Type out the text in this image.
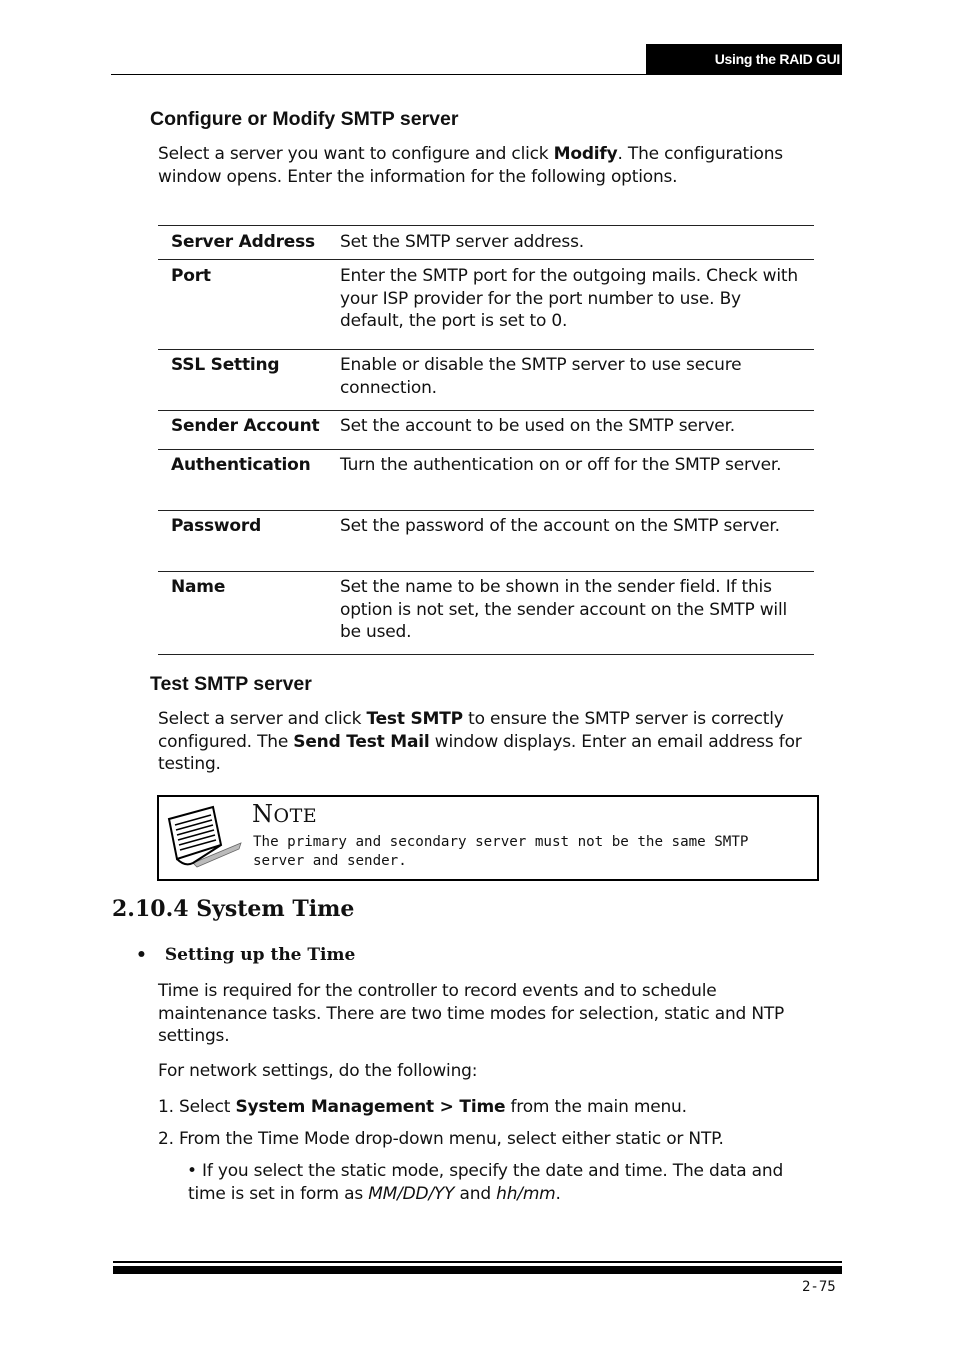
Using the RAID GUI
Configure or Modify SMTP server
Select a server you want to configure and click Modify. The configurations window opens. Enter the information for the following options.
Server Address	Set the SMTP server address.
Port	Enter the SMTP port for the outgoing mails. Check with your ISP provider for the port number to use. By default, the port is set to 0.
SSL Setting	Enable or disable the SMTP server to use secure connection.
Sender Account	Set the account to be used on the SMTP server.
Authentication	Turn the authentication on or off for the SMTP server.
Password	Set the password of the account on the SMTP server.
Name	Set the name to be shown in the sender field. If this option is not set, the sender account on the SMTP will be used.
Test SMTP server
Select a server and click Test SMTP to ensure the SMTP server is correctly configured. The Send Test Mail window displays. Enter an email address for testing.
NOTE
The primary and secondary server must not be the same SMTP server and sender.
2.10.4 System Time
• Setting up the Time
Time is required for the controller to record events and to schedule maintenance tasks. There are two time modes for selection, static and NTP settings.
For network settings, do the following:
1. Select System Management > Time from the main menu.
2. From the Time Mode drop-down menu, select either static or NTP.
• If you select the static mode, specify the date and time. The data and time is set in form as MM/DD/YY and hh/mm.
2-75
